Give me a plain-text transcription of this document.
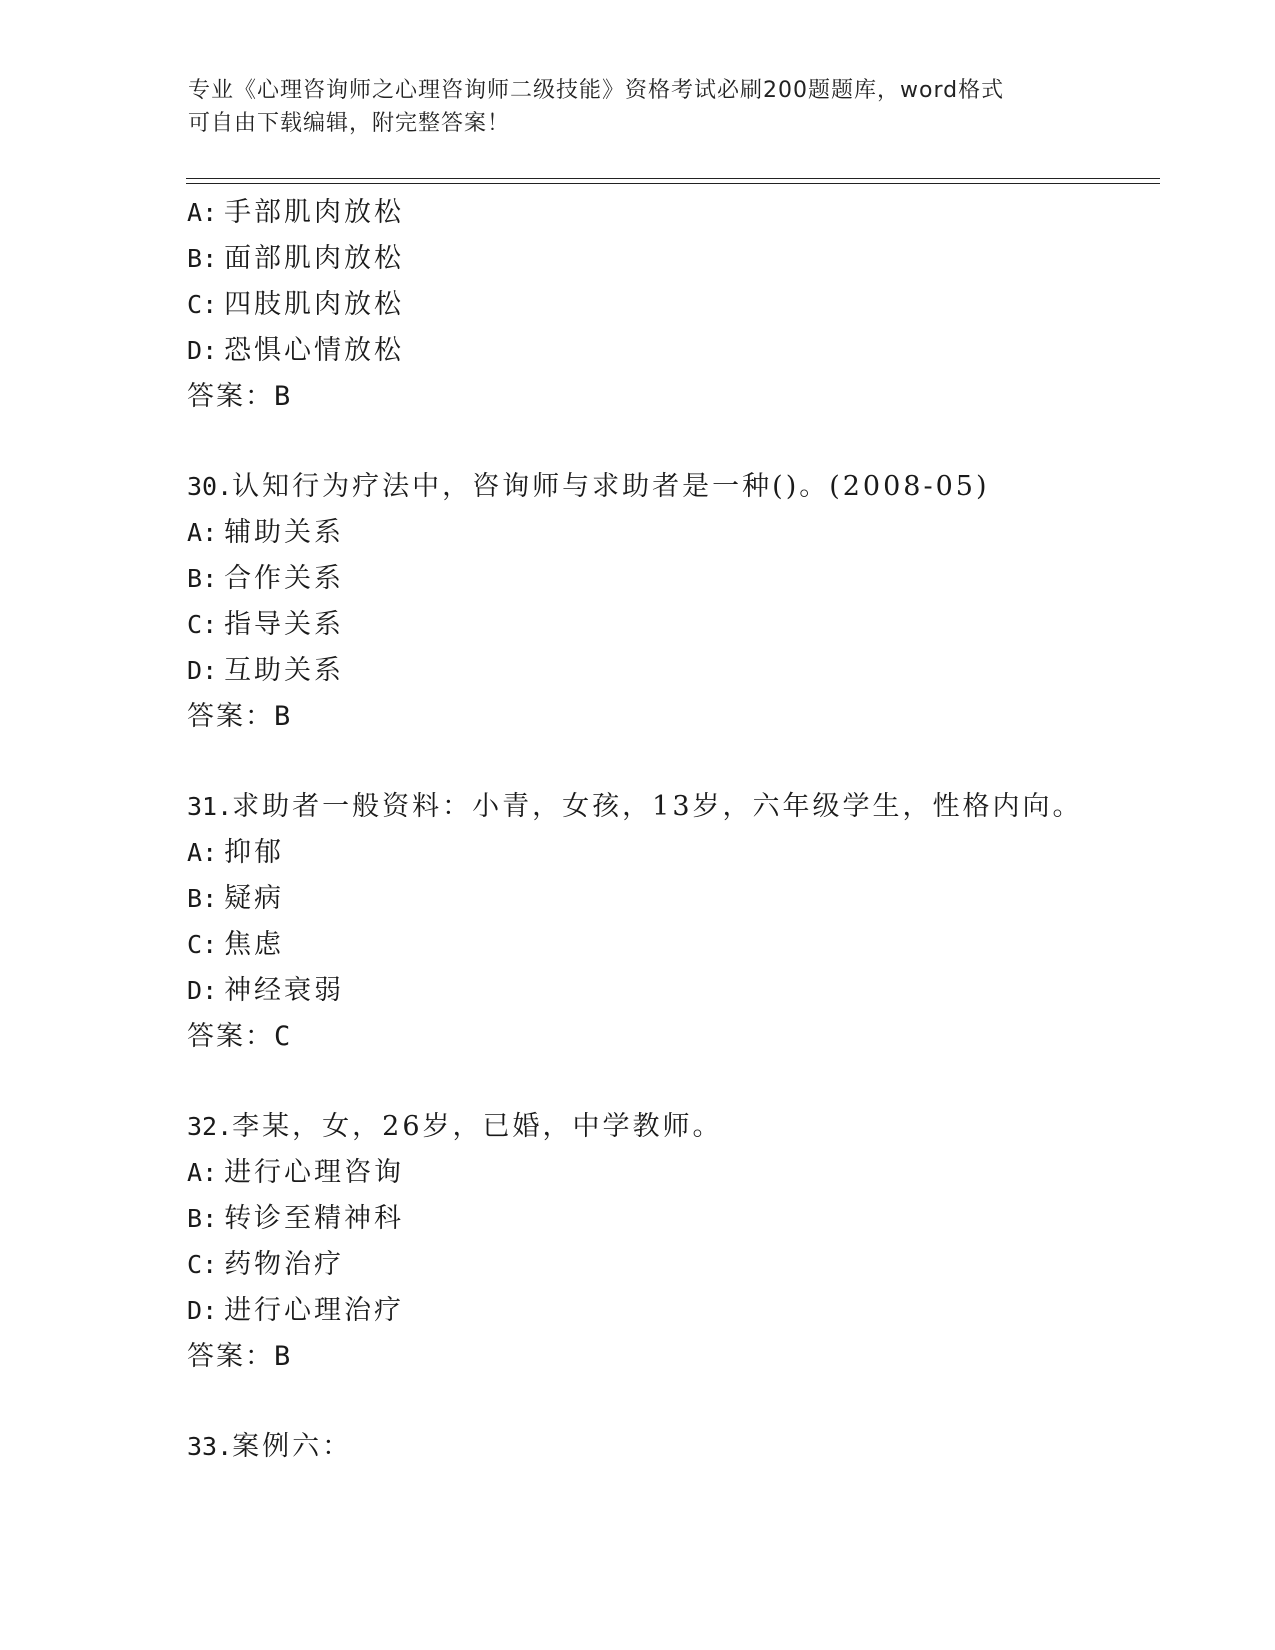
专业《心理咨询师之心理咨询师二级技能》资格考试必刷200题题库，word格式
可自由下载编辑，附完整答案！
A: 手部肌肉放松
B: 面部肌肉放松
C: 四肢肌肉放松
D: 恐惧心情放松
答案：B
30.认知行为疗法中，咨询师与求助者是一种()。(2008-05)
A: 辅助关系
B: 合作关系
C: 指导关系
D: 互助关系
答案：B
31.求助者一般资料：小青，女孩，13岁，六年级学生，性格内向。
A: 抑郁
B: 疑病
C: 焦虑
D: 神经衰弱
答案：C
32.李某，女，26岁，已婚，中学教师。
A: 进行心理咨询
B: 转诊至精神科
C: 药物治疗
D: 进行心理治疗
答案：B
33.案例六：
